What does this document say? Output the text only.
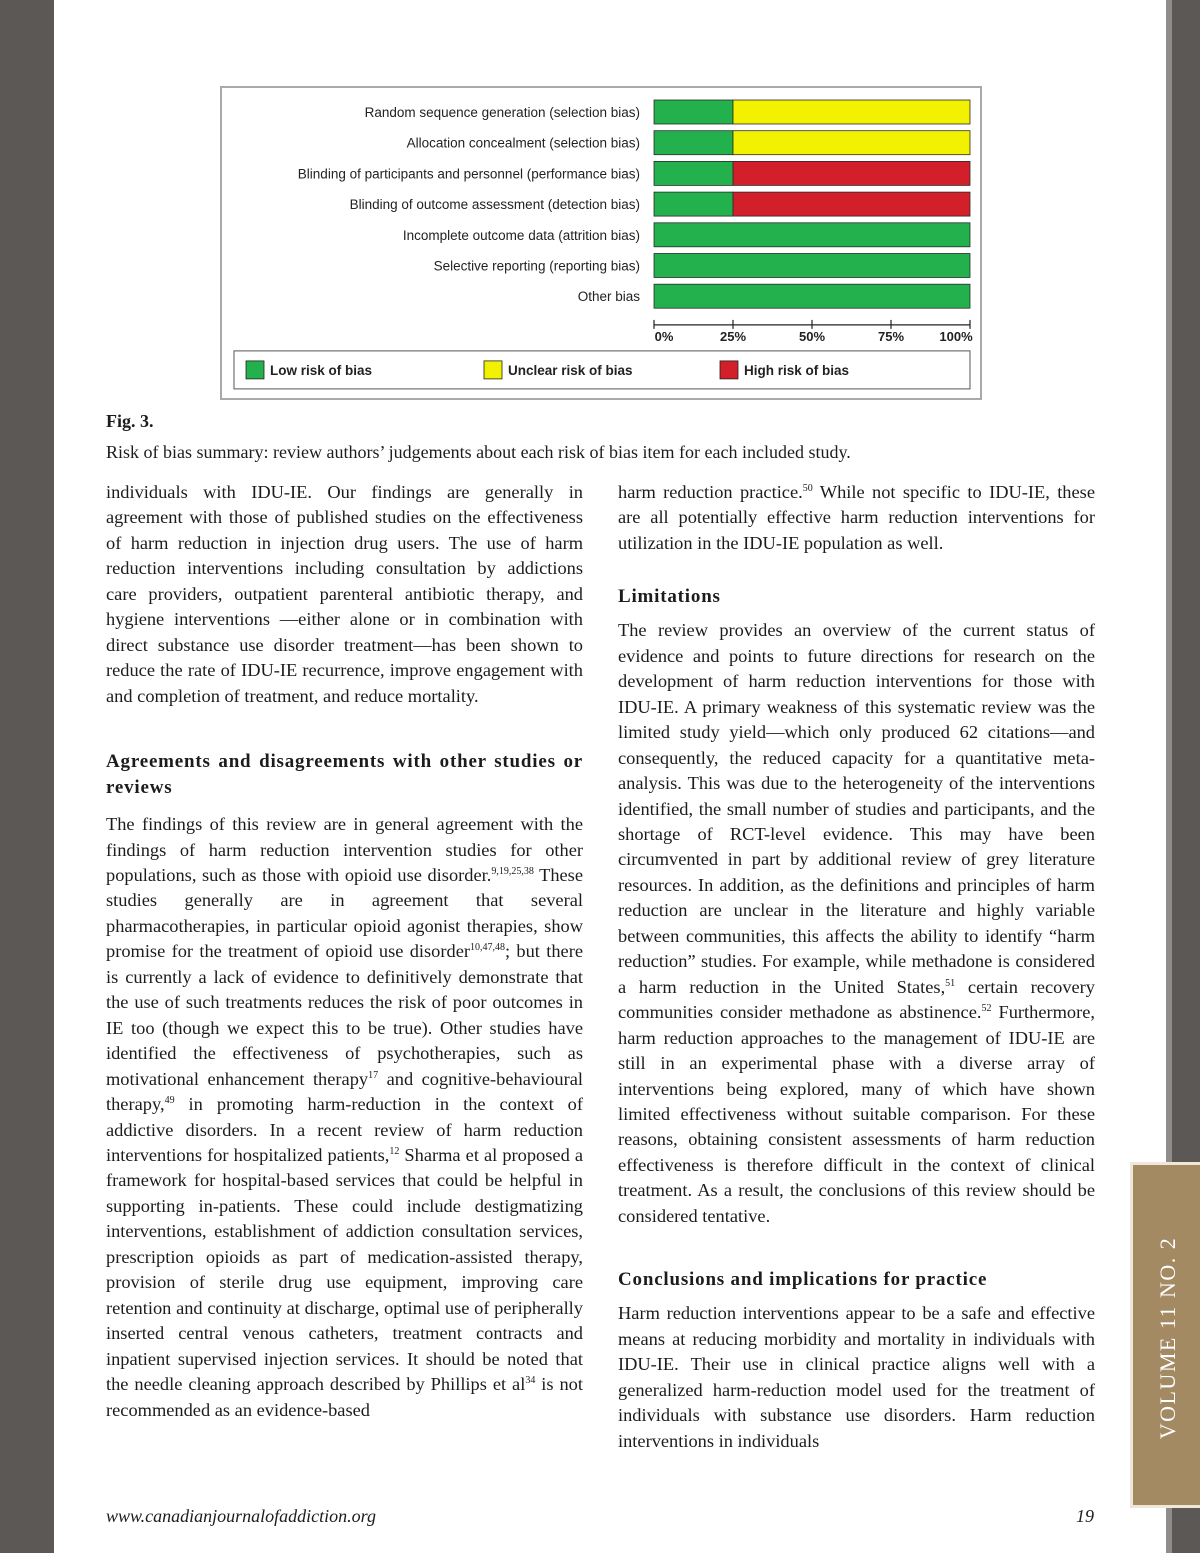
Random sequence generation (selection bias)
Allocation concealment (selection bias)
Blinding of participants and personnel (performance bias)
Blinding of outcome assessment (detection bias)
Incomplete outcome data (attrition bias)
Selective reporting (reporting bias)
Other bias
0%	25%	50%	75%	100%
Low risk of bias	Unclear risk of bias	High risk of bias
Fig. 3.
Risk of bias summary: review authors’ judgements about each risk of bias item for each included study.

individuals with IDU-IE. Our findings are generally in agreement with those of published studies on the effectiveness of harm reduction in injection drug users. The use of harm reduction interventions including consultation by addictions care providers, outpatient parenteral antibiotic therapy, and hygiene interventions —either alone or in combination with direct substance use disorder treatment—has been shown to reduce the rate of IDU-IE recurrence, improve engagement with and completion of treatment, and reduce mortality.

Agreements and disagreements with other studies or reviews

The findings of this review are in general agreement with the findings of harm reduction intervention studies for other populations, such as those with opioid use disorder.$^{9,19,25,38}$ These studies generally are in agreement that several pharmacotherapies, in particular opioid agonist therapies, show promise for the treatment of opioid use disorder$^{10,47,48}$; but there is currently a lack of evidence to definitively demonstrate that the use of such treatments reduces the risk of poor outcomes in IE too (though we expect this to be true). Other studies have identified the effectiveness of psychotherapies, such as motivational enhancement therapy$^{17}$ and cognitive-behavioural therapy,$^{49}$ in promoting harm-reduction in the context of addictive disorders. In a recent review of harm reduction interventions for hospitalized patients,$^{12}$ Sharma et al proposed a framework for hospital-based services that could be helpful in supporting in-patients. These could include destigmatizing interventions, establishment of addiction consultation services, prescription opioids as part of medication-assisted therapy, provision of sterile drug use equipment, improving care retention and continuity at discharge, optimal use of peripherally inserted central venous catheters, treatment contracts and inpatient supervised injection services. It should be noted that the needle cleaning approach described by Phillips et $al^{34}$ is not recommended as an evidence-based

harm reduction practice.$^{50}$ While not specific to IDU-IE, these are all potentially effective harm reduction interventions for utilization in the IDU-IE population as well.

Limitations

The review provides an overview of the current status of evidence and points to future directions for research on the development of harm reduction interventions for those with IDU-IE. A primary weakness of this systematic review was the limited study yield—which only produced 62 citations—and consequently, the reduced capacity for a quantitative meta-analysis. This was due to the heterogeneity of the interventions identified, the small number of studies and participants, and the shortage of RCT-level evidence. This may have been circumvented in part by additional review of grey literature resources. In addition, as the definitions and principles of harm reduction are unclear in the literature and highly variable between communities, this affects the ability to identify “harm reduction” studies. For example, while methadone is considered a harm reduction in the United States,$^{51}$ certain recovery communities consider methadone as abstinence.$^{52}$ Furthermore, harm reduction approaches to the management of IDU-IE are still in an experimental phase with a diverse array of interventions being explored, many of which have shown limited effectiveness without suitable comparison. For these reasons, obtaining consistent assessments of harm reduction effectiveness is therefore difficult in the context of clinical treatment. As a result, the conclusions of this review should be considered tentative.

Conclusions and implications for practice

Harm reduction interventions appear to be a safe and effective means at reducing morbidity and mortality in individuals with IDU-IE. Their use in clinical practice aligns well with a generalized harm-reduction model used for the treatment of individuals with substance use disorders. Harm reduction interventions in individuals

www.canadianjournalofaddiction.org	19
VOLUME 11 NO. 2
